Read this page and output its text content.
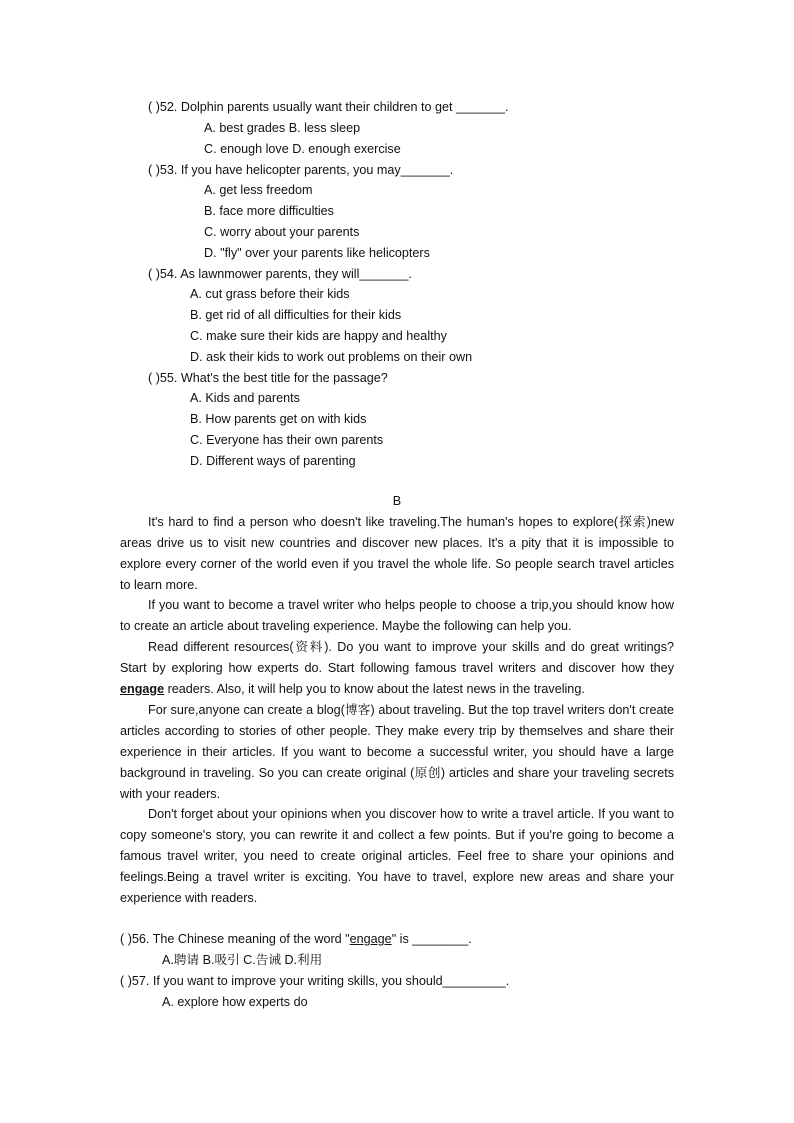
( )52. Dolphin parents usually want their children to get _______.
A. best grades B. less sleep
C. enough love D. enough exercise
( )53. If you have helicopter parents, you may_______.
A. get less freedom
B. face more difficulties
C. worry about your parents
D. "fly" over your parents like helicopters
( )54. As lawnmower parents, they will_______.
A. cut grass before their kids
B. get rid of all difficulties for their kids
C. make sure their kids are happy and healthy
D. ask their kids to work out problems on their own
( )55. What's the best title for the passage?
A. Kids and parents
B. How parents get on with kids
C. Everyone has their own parents
D. Different ways of parenting
B
It's hard to find a person who doesn't like traveling.The human's hopes to explore(探索)new areas drive us to visit new countries and discover new places. It's a pity that it is impossible to explore every corner of the world even if you travel the whole life. So people search travel articles to learn more.
If you want to become a travel writer who helps people to choose a trip,you should know how to create an article about traveling experience. Maybe the following can help you.
Read different resources(资料). Do you want to improve your skills and do great writings? Start by exploring how experts do. Start following famous travel writers and discover how they engage readers. Also, it will help you to know about the latest news in the traveling.
For sure,anyone can create a blog(博客) about traveling. But the top travel writers don't create articles according to stories of other people. They make every trip by themselves and share their experience in their articles. If you want to become a successful writer, you should have a large background in traveling. So you can create original (原创) articles and share your traveling secrets with your readers.
Don't forget about your opinions when you discover how to write a travel article. If you want to copy someone's story, you can rewrite it and collect a few points. But if you're going to become a famous travel writer, you need to create original articles. Feel free to share your opinions and feelings.Being a travel writer is exciting. You have to travel, explore new areas and share your experience with readers.
( )56. The Chinese meaning of the word "engage" is ________.
A.聘请 B.吸引 C.告诫 D.利用
( )57. If you want to improve your writing skills, you should_________.
A. explore how experts do
